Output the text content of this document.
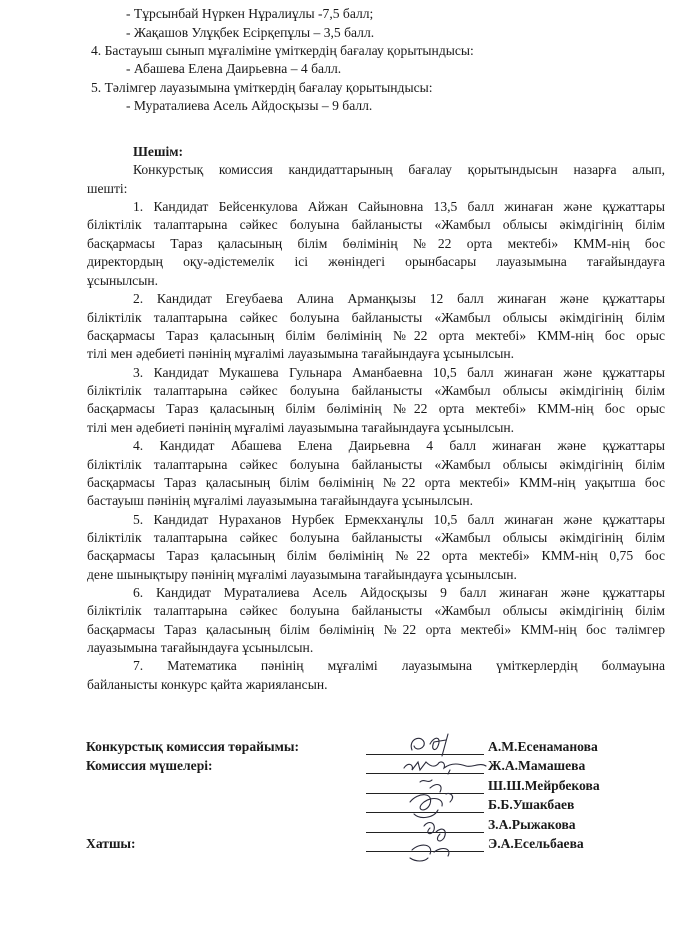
- Тұрсынбай Нүркен Нұралиұлы -7,5 балл;
- Жақашов Улұқбек Есірқепұлы – 3,5 балл.
4. Бастауыш сынып мұғаліміне үміткердің бағалау қорытындысы:
- Абашева Елена Даирьевна – 4 балл.
5. Тәлімгер лауазымына үміткердің бағалау қорытындысы:
- Мураталиева Асель Айдосқызы – 9 балл.
Шешім:
Конкурстық комиссия кандидаттарының бағалау қорытындысын назарға алып,
шешті:
1. Кандидат Бейсенкулова Айжан Сайыновна 13,5 балл жинаған және құжаттары
біліктілік талаптарына сәйкес болуына байланысты «Жамбыл облысы әкімдігінің білім
басқармасы Тараз қаласының білім бөлімінің №22 орта мектебі» КММ-нің бос
директордың оқу-әдістемелік ісі жөніндегі орынбасары лауазымына тағайындауға
ұсынылсын.
2. Кандидат Егеубаева Алина Арманқызы 12 балл жинаған және құжаттары
біліктілік талаптарына сәйкес болуына байланысты «Жамбыл облысы әкімдігінің білім
басқармасы Тараз қаласының білім бөлімінің №22 орта мектебі» КММ-нің бос орыс
тілі мен әдебиеті пәнінің мұғалімі лауазымына тағайындауға ұсынылсын.
3. Кандидат Мукашева Гульнара Аманбаевна 10,5 балл жинаған және құжаттары
біліктілік талаптарына сәйкес болуына байланысты «Жамбыл облысы әкімдігінің білім
басқармасы Тараз қаласының білім бөлімінің №22 орта мектебі» КММ-нің бос орыс
тілі мен әдебиеті пәнінің мұғалімі лауазымына тағайындауға ұсынылсын.
4. Кандидат Абашева Елена Даирьевна 4 балл жинаған және құжаттары
біліктілік талаптарына сәйкес болуына байланысты «Жамбыл облысы әкімдігінің білім
басқармасы Тараз қаласының білім бөлімінің №22 орта мектебі» КММ-нің уақытша бос
бастауыш пәнінің мұғалімі лауазымына тағайындауға ұсынылсын.
5. Кандидат Нураханов Нурбек Ермекханұлы 10,5 балл жинаған және құжаттары
біліктілік талаптарына сәйкес болуына байланысты «Жамбыл облысы әкімдігінің білім
басқармасы Тараз қаласының білім бөлімінің №22 орта мектебі» КММ-нің 0,75 бос
дене шынықтыру пәнінің мұғалімі лауазымына тағайындауға ұсынылсын.
6. Кандидат Мураталиева Асель Айдосқызы 9 балл жинаған және құжаттары
біліктілік талаптарына сәйкес болуына байланысты «Жамбыл облысы әкімдігінің білім
басқармасы Тараз қаласының білім бөлімінің №22 орта мектебі» КММ-нің бос тәлімгер
лауазымына тағайындауға ұсынылсын.
7. Математика пәнінің мұғалімі лауазымына үміткерлердің болмауына
байланысты конкурс қайта жариялансын.
Конкурстық комиссия төрайымы:	А.М.Есенаманова
Комиссия мүшелері:	Ж.А.Мамашева
Ш.Ш.Мейрбекова
Б.Б.Ушакбаев
З.А.Рыжакова
Хатшы:	Э.А.Есельбаева
